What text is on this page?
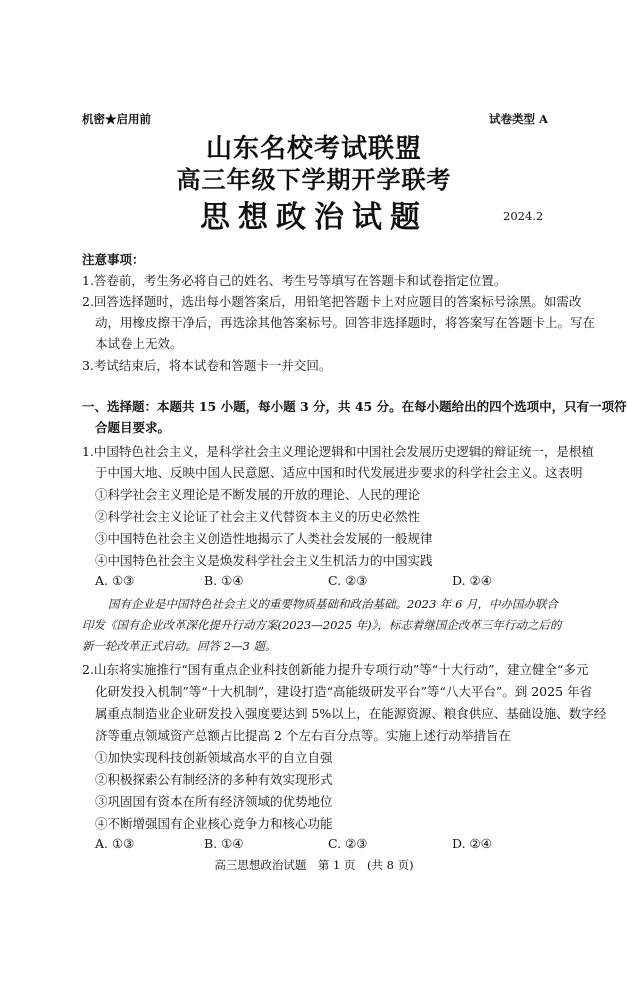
机密★启用前	试卷类型 A
山东名校考试联盟
高三年级下学期开学联考
思想政治试题	2024.2
注意事项：
1.答卷前，考生务必将自己的姓名、考生号等填写在答题卡和试卷指定位置。
2.回答选择题时，选出每小题答案后，用铅笔把答题卡上对应题目的答案标号涂黑。如需改
动，用橡皮擦干净后，再选涂其他答案标号。回答非选择题时，将答案写在答题卡上。写在
本试卷上无效。
3.考试结束后，将本试卷和答题卡一并交回。
一、选择题：本题共 15 小题，每小题 3 分，共 45 分。在每小题给出的四个选项中，只有一项符
合题目要求。
1.中国特色社会主义，是科学社会主义理论逻辑和中国社会发展历史逻辑的辩证统一，是根植
于中国大地、反映中国人民意愿、适应中国和时代发展进步要求的科学社会主义。这表明
①科学社会主义理论是不断发展的开放的理论、人民的理论
②科学社会主义论证了社会主义代替资本主义的历史必然性
③中国特色社会主义创造性地揭示了人类社会发展的一般规律
④中国特色社会主义是焕发科学社会主义生机活力的中国实践
A. ①③	B. ①④	C. ②③	D. ②④
国有企业是中国特色社会主义的重要物质基础和政治基础。2023 年 6 月，中办国办联合
印发《国有企业改革深化提升行动方案(2023—2025 年)》，标志着继国企改革三年行动之后的
新一轮改革正式启动。回答 2—3 题。
2.山东将实施推行“国有重点企业科技创新能力提升专项行动”等“十大行动”，建立健全“多元
化研发投入机制”等“十大机制”，建设打造“高能级研发平台”等“八大平台”。到 2025 年省
属重点制造业企业研发投入强度要达到 5%以上，在能源资源、粮食供应、基础设施、数字经
济等重点领域资产总额占比提高 2 个左右百分点等。实施上述行动举措旨在
①加快实现科技创新领域高水平的自立自强
②积极探索公有制经济的多种有效实现形式
③巩固国有资本在所有经济领域的优势地位
④不断增强国有企业核心竞争力和核心功能
A. ①③	B. ①④	C. ②③	D. ②④
高三思想政治试题　第 1 页　(共 8 页)
